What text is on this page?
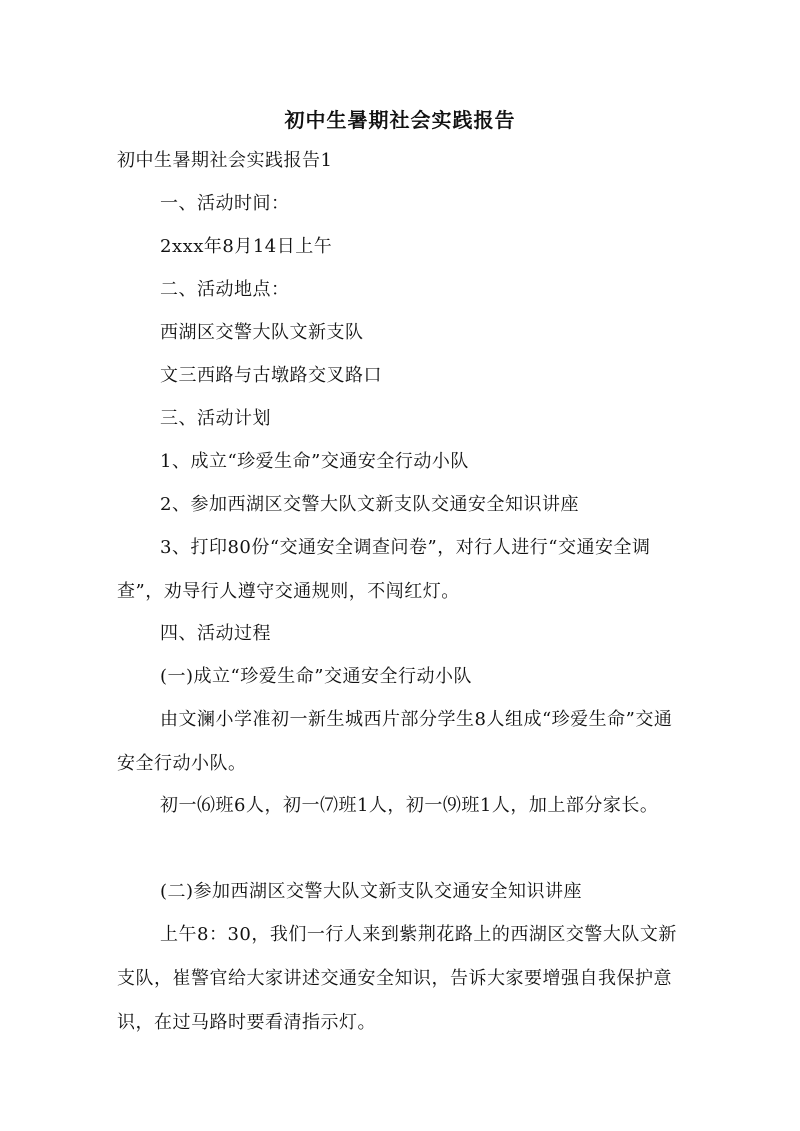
初中生暑期社会实践报告
初中生暑期社会实践报告1
一、活动时间：
2xxx年8月14日上午
二、活动地点：
西湖区交警大队文新支队
文三西路与古墩路交叉路口
三、活动计划
1、成立“珍爱生命”交通安全行动小队
2、参加西湖区交警大队文新支队交通安全知识讲座
3、打印80份“交通安全调查问卷”，对行人进行“交通安全调查”，劝导行人遵守交通规则，不闯红灯。
四、活动过程
(一)成立“珍爱生命”交通安全行动小队
由文澜小学准初一新生城西片部分学生8人组成“珍爱生命”交通安全行动小队。
初一⑹班6人，初一⑺班1人，初一⑼班1人，加上部分家长。
(二)参加西湖区交警大队文新支队交通安全知识讲座
上午8：30，我们一行人来到紫荆花路上的西湖区交警大队文新支队，崔警官给大家讲述交通安全知识，告诉大家要增强自我保护意识，在过马路时要看清指示灯。
